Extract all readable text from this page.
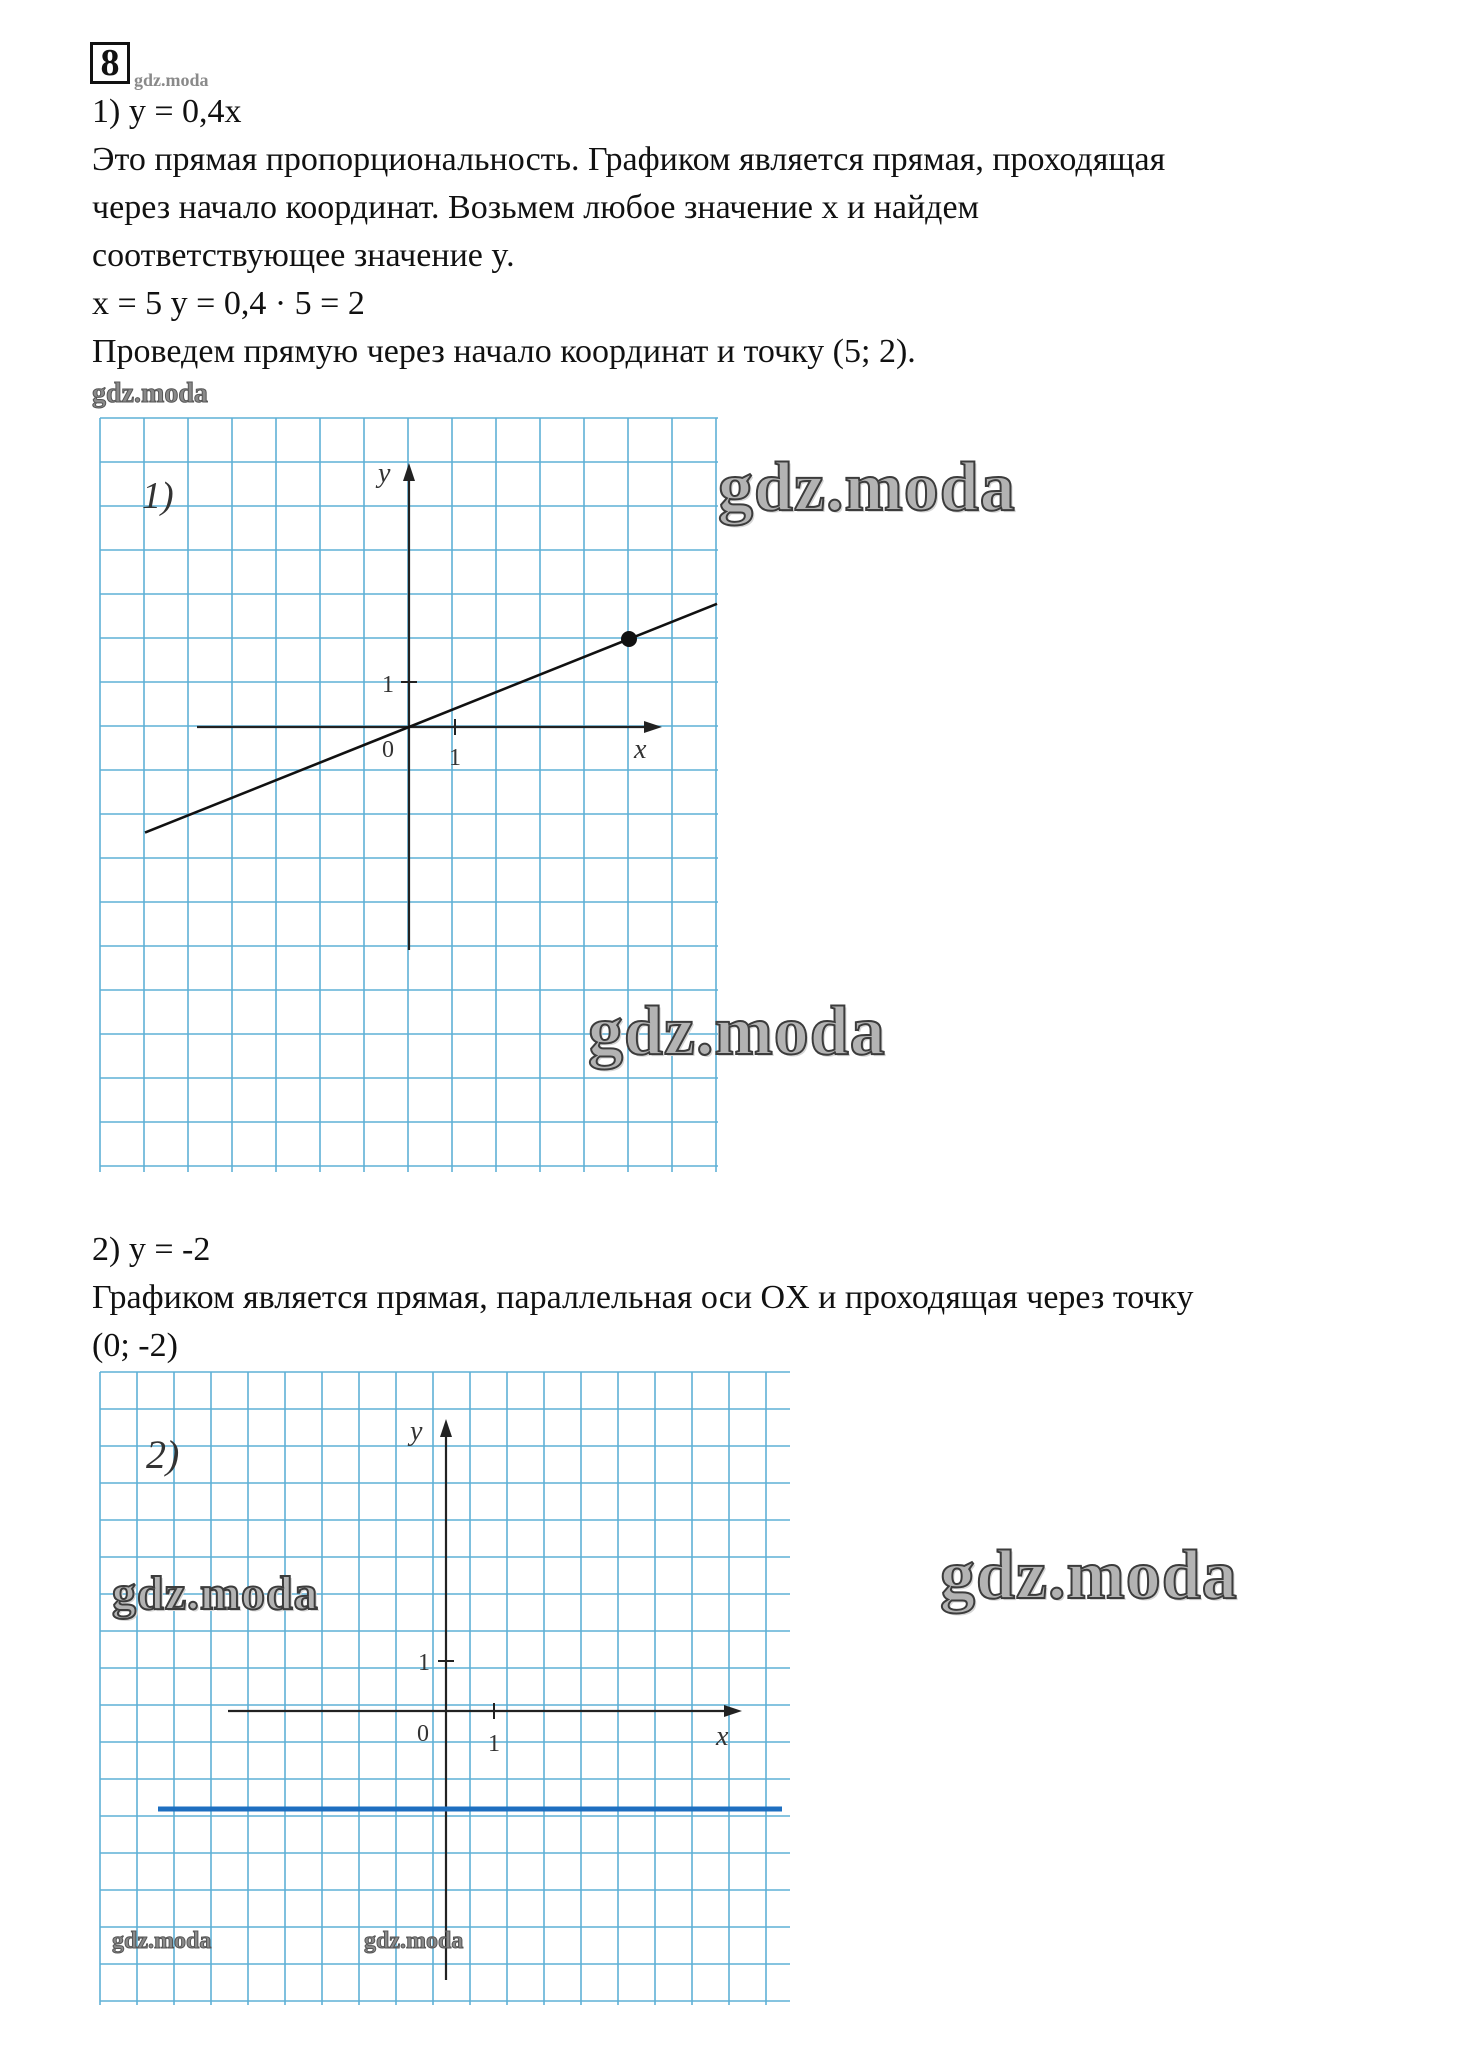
8 gdz.moda
1) y = 0,4x
Это прямая пропорциональность. Графиком является прямая, проходящая
через начало координат. Возьмем любое значение x и найдем
соответствующее значение y.
x = 5 y = 0,4 · 5 = 2
Проведем прямую через начало координат и точку (5; 2).
gdz.moda
1)
y
x
0 1
1
gdz.moda
gdz.moda
2) y = -2
Графиком является прямая, параллельная оси OX и проходящая через точку
(0; -2)
2)
y
x
0 1
1
gdz.moda	gdz.moda
gdz.moda	gdz.moda
